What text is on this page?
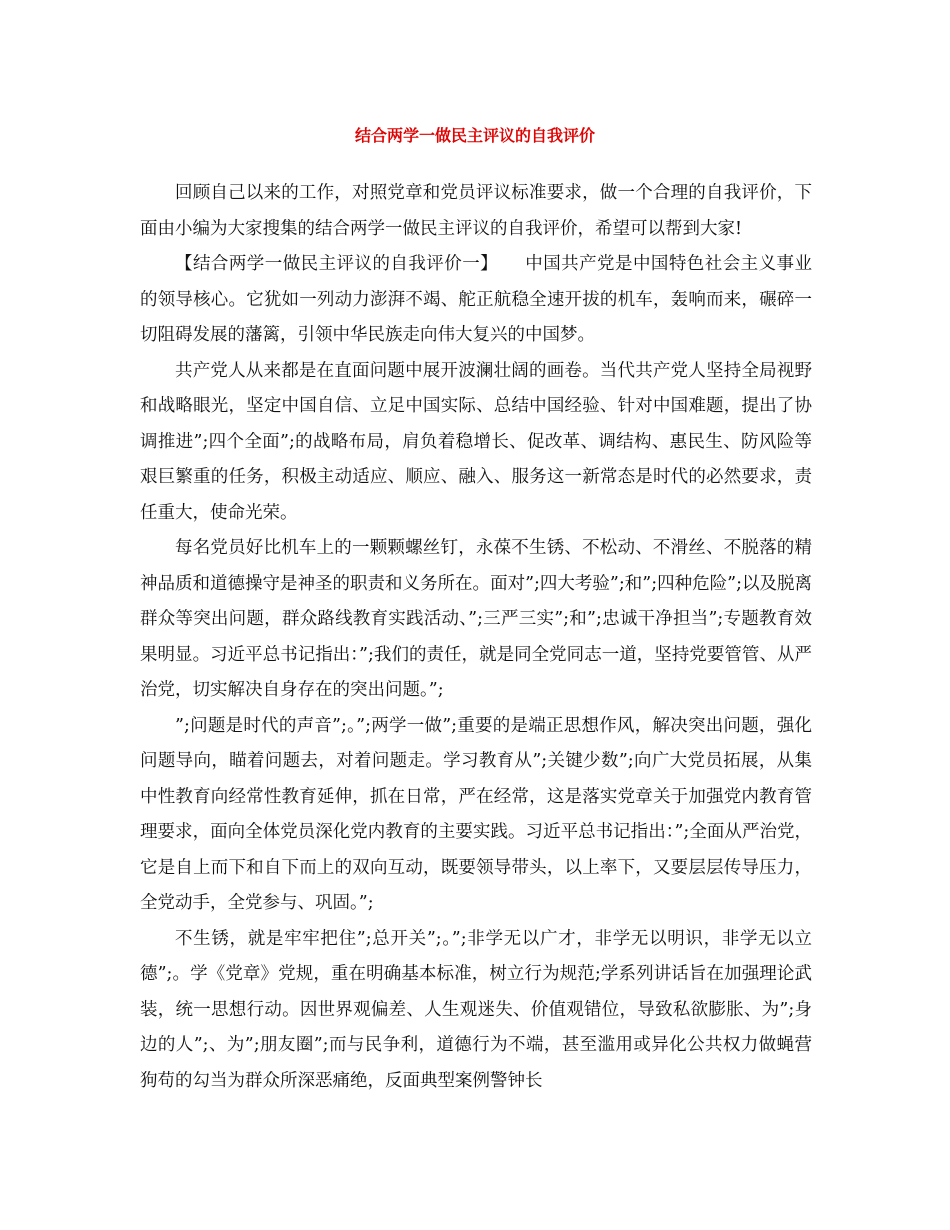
结合两学一做民主评议的自我评价

回顾自己以来的工作，对照党章和党员评议标准要求，做一个合理的自我评价，下面由小编为大家搜集的结合两学一做民主评议的自我评价，希望可以帮到大家!

【结合两学一做民主评议的自我评价一】　　中国共产党是中国特色社会主义事业的领导核心。它犹如一列动力澎湃不竭、舵正航稳全速开拔的机车，轰响而来，碾碎一切阻碍发展的藩篱，引领中华民族走向伟大复兴的中国梦。

共产党人从来都是在直面问题中展开波澜壮阔的画卷。当代共产党人坚持全局视野和战略眼光，坚定中国自信、立足中国实际、总结中国经验、针对中国难题，提出了协调推进”;四个全面”;的战略布局，肩负着稳增长、促改革、调结构、惠民生、防风险等艰巨繁重的任务，积极主动适应、顺应、融入、服务这一新常态是时代的必然要求，责任重大，使命光荣。

每名党员好比机车上的一颗颗螺丝钉，永葆不生锈、不松动、不滑丝、不脱落的精神品质和道德操守是神圣的职责和义务所在。面对”;四大考验”;和”;四种危险”;以及脱离群众等突出问题，群众路线教育实践活动、”;三严三实”;和”;忠诚干净担当”;专题教育效果明显。习近平总书记指出：”;我们的责任，就是同全党同志一道，坚持党要管管、从严治党，切实解决自身存在的突出问题。”;

”;问题是时代的声音”;。”;两学一做”;重要的是端正思想作风，解决突出问题，强化问题导向，瞄着问题去，对着问题走。学习教育从”;关键少数”;向广大党员拓展，从集中性教育向经常性教育延伸，抓在日常，严在经常，这是落实党章关于加强党内教育管理要求，面向全体党员深化党内教育的主要实践。习近平总书记指出：”;全面从严治党，它是自上而下和自下而上的双向互动，既要领导带头，以上率下，又要层层传导压力，全党动手，全党参与、巩固。”;

不生锈，就是牢牢把住”;总开关”;。”;非学无以广才，非学无以明识，非学无以立德”;。学《党章》党规，重在明确基本标准，树立行为规范;学系列讲话旨在加强理论武装，统一思想行动。因世界观偏差、人生观迷失、价值观错位，导致私欲膨胀、为”;身边的人”;、为”;朋友圈”;而与民争利，道德行为不端，甚至滥用或异化公共权力做蝇营狗苟的勾当为群众所深恶痛绝，反面典型案例警钟长
